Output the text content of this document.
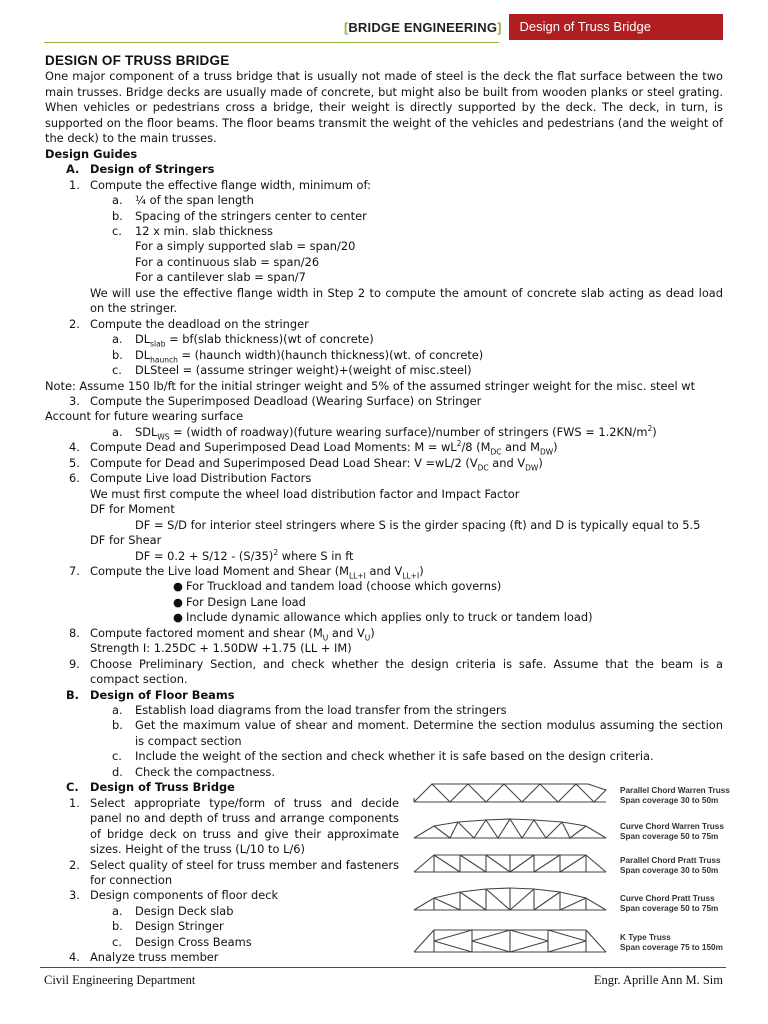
[ BRIDGE ENGINEERING ]	Design of Truss Bridge
DESIGN OF TRUSS BRIDGE
One major component of a truss bridge that is usually not made of steel is the deck the flat surface between the two main trusses. Bridge decks are usually made of concrete, but might also be built from wooden planks or steel grating. When vehicles or pedestrians cross a bridge, their weight is directly supported by the deck. The deck, in turn, is supported on the floor beams. The floor beams transmit the weight of the vehicles and pedestrians (and the weight of the deck) to the main trusses.
Design Guides
A. Design of Stringers
1. Compute the effective flange width, minimum of:
a. ¼ of the span length
b. Spacing of the stringers center to center
c. 12 x min. slab thickness
For a simply supported slab = span/20
For a continuous slab = span/26
For a cantilever slab = span/7
We will use the effective flange width in Step 2 to compute the amount of concrete slab acting as dead load on the stringer.
2. Compute the deadload on the stringer
a. $DL_{slab}$ = bf(slab thickness)(wt of concrete)
b. $DL_{haunch}$ = (haunch width)(haunch thickness)(wt. of concrete)
c. DLSteel = (assume stringer weight)+(weight of misc.steel)
Note: Assume 150 lb/ft for the initial stringer weight and 5% of the assumed stringer weight for the misc. steel wt
3. Compute the Superimposed Deadload (Wearing Surface) on Stringer
Account for future wearing surface
a. $SDL_{WS}$ = (width of roadway)(future wearing surface)/number of stringers $(FWS = 1.2KN/m^2)$
4. Compute Dead and Superimposed Dead Load Moments: $M = wL^2/8$ ($M_{DC}$ and $M_{DW}$)
5. Compute for Dead and Superimposed Dead Load Shear: V =wL/2 ($V_{DC}$ and $V_{DW}$)
6. Compute Live load Distribution Factors
We must first compute the wheel load distribution factor and Impact Factor
DF for Moment
DF = S/D for interior steel stringers where S is the girder spacing (ft) and D is typically equal to 5.5
DF for Shear
DF = $0.2 + S/12 - (S/35)^2$ where S in ft
7. Compute the Live load Moment and Shear ($M_{LL+I}$ and $V_{LL+I}$)
● For Truckload and tandem load (choose which governs)
● For Design Lane load
● Include dynamic allowance which applies only to truck or tandem load)
8. Compute factored moment and shear ($M_U$ and $V_U$)
Strength I: 1.25DC + 1.50DW +1.75 (LL + IM)
9. Choose Preliminary Section, and check whether the design criteria is safe. Assume that the beam is a compact section.
B. Design of Floor Beams
a. Establish load diagrams from the load transfer from the stringers
b. Get the maximum value of shear and moment. Determine the section modulus assuming the section is compact section
c. Include the weight of the section and check whether it is safe based on the design criteria.
d. Check the compactness.
C. Design of Truss Bridge
1. Select appropriate type/form of truss and decide panel no and depth of truss and arrange components of bridge deck on truss and give their approximate sizes. Height of the truss (L/10 to L/6)
2. Select quality of steel for truss member and fasteners for connection
3. Design components of floor deck
a. Design Deck slab
b. Design Stringer
c. Design Cross Beams
4. Analyze truss member
Parallel Chord Warren Truss
Span coverage 30 to 50m
Curve Chord Warren Truss
Span coverage 50 to 75m
Parallel Chord Pratt Truss
Span coverage 30 to 50m
Curve Chord Pratt Truss
Span coverage 50 to 75m
K Type Truss
Span coverage 75 to 150m
Civil Engineering Department	Engr. Aprille Ann M. Sim
